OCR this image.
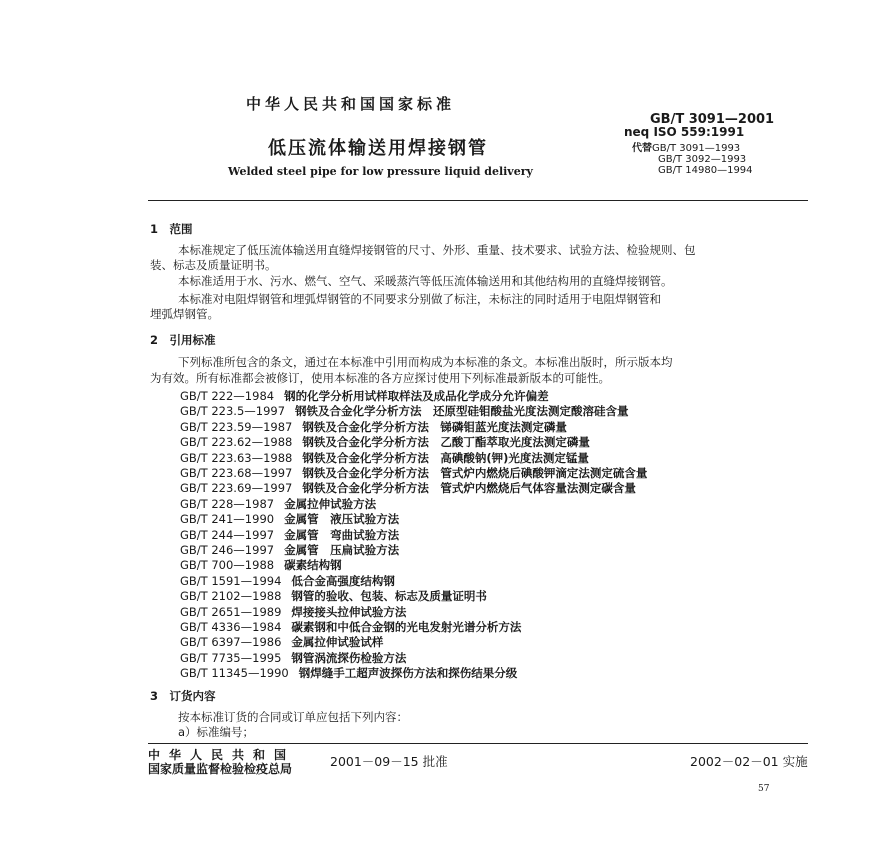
中华人民共和国国家标准
GB/T 3091—2001
neq ISO 559:1991
低压流体输送用焊接钢管	代替GB/T 3091—1993
GB/T 3092—1993
GB/T 14980—1994
Welded steel pipe for low pressure liquid delivery
1　范围
本标准规定了低压流体输送用直缝焊接钢管的尺寸、外形、重量、技术要求、试验方法、检验规则、包
装、标志及质量证明书。
本标准适用于水、污水、燃气、空气、采暖蒸汽等低压流体输送用和其他结构用的直缝焊接钢管。
本标准对电阻焊钢管和埋弧焊钢管的不同要求分别做了标注，未标注的同时适用于电阻焊钢管和
埋弧焊钢管。
2　引用标准
下列标准所包含的条文，通过在本标准中引用而构成为本标准的条文。本标准出版时，所示版本均
为有效。所有标准都会被修订，使用本标准的各方应探讨使用下列标准最新版本的可能性。
GB/T 222—1984 钢的化学分析用试样取样法及成品化学成分允许偏差
GB/T 223.5—1997 钢铁及合金化学分析方法　还原型硅钼酸盐光度法测定酸溶硅含量
GB/T 223.59—1987 钢铁及合金化学分析方法　锑磷钼蓝光度法测定磷量
GB/T 223.62—1988 钢铁及合金化学分析方法　乙酸丁酯萃取光度法测定磷量
GB/T 223.63—1988 钢铁及合金化学分析方法　高碘酸钠(钾)光度法测定锰量
GB/T 223.68—1997 钢铁及合金化学分析方法　管式炉内燃烧后碘酸钾滴定法测定硫含量
GB/T 223.69—1997 钢铁及合金化学分析方法　管式炉内燃烧后气体容量法测定碳含量
GB/T 228—1987 金属拉伸试验方法
GB/T 241—1990 金属管　液压试验方法
GB/T 244—1997 金属管　弯曲试验方法
GB/T 246—1997 金属管　压扁试验方法
GB/T 700—1988 碳素结构钢
GB/T 1591—1994 低合金高强度结构钢
GB/T 2102—1988 钢管的验收、包装、标志及质量证明书
GB/T 2651—1989 焊接接头拉伸试验方法
GB/T 4336—1984 碳素钢和中低合金钢的光电发射光谱分析方法
GB/T 6397—1986 金属拉伸试验试样
GB/T 7735—1995 钢管涡流探伤检验方法
GB/T 11345—1990 钢焊缝手工超声波探伤方法和探伤结果分级
3　订货内容
按本标准订货的合同或订单应包括下列内容：
a）标准编号；
中华人民共和国
国家质量监督检验检疫总局	2001－09－15 批准	2002－02－01 实施
57
